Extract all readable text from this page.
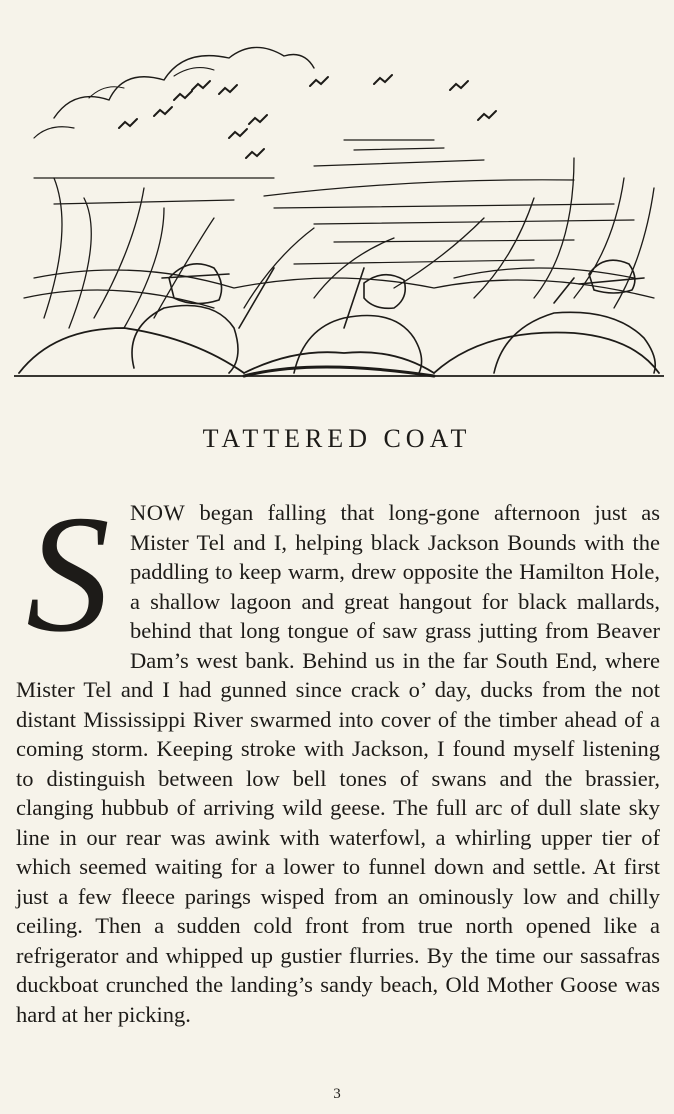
TATTERED COAT
S NOW began falling that long-gone afternoon just as Mister Tel and I, helping black Jackson Bounds with the paddling to keep warm, drew opposite the Hamilton Hole, a shallow lagoon and great hangout for black mallards, behind that long tongue of saw grass jutting from Beaver Dam’s west bank. Behind us in the far South End, where Mister Tel and I had gunned since crack o’ day, ducks from the not distant Mississippi River swarmed into cover of the timber ahead of a coming storm. Keeping stroke with Jackson, I found myself listening to distinguish between low bell tones of swans and the brassier, clanging hubbub of arriving wild geese. The full arc of dull slate sky line in our rear was awink with waterfowl, a whirling upper tier of which seemed waiting for a lower to funnel down and settle. At first just a few fleece parings wisped from an ominously low and chilly ceiling. Then a sudden cold front from true north opened like a refrigerator and whipped up gustier flurries. By the time our sassafras duckboat crunched the landing’s sandy beach, Old Mother Goose was hard at her picking.
3
